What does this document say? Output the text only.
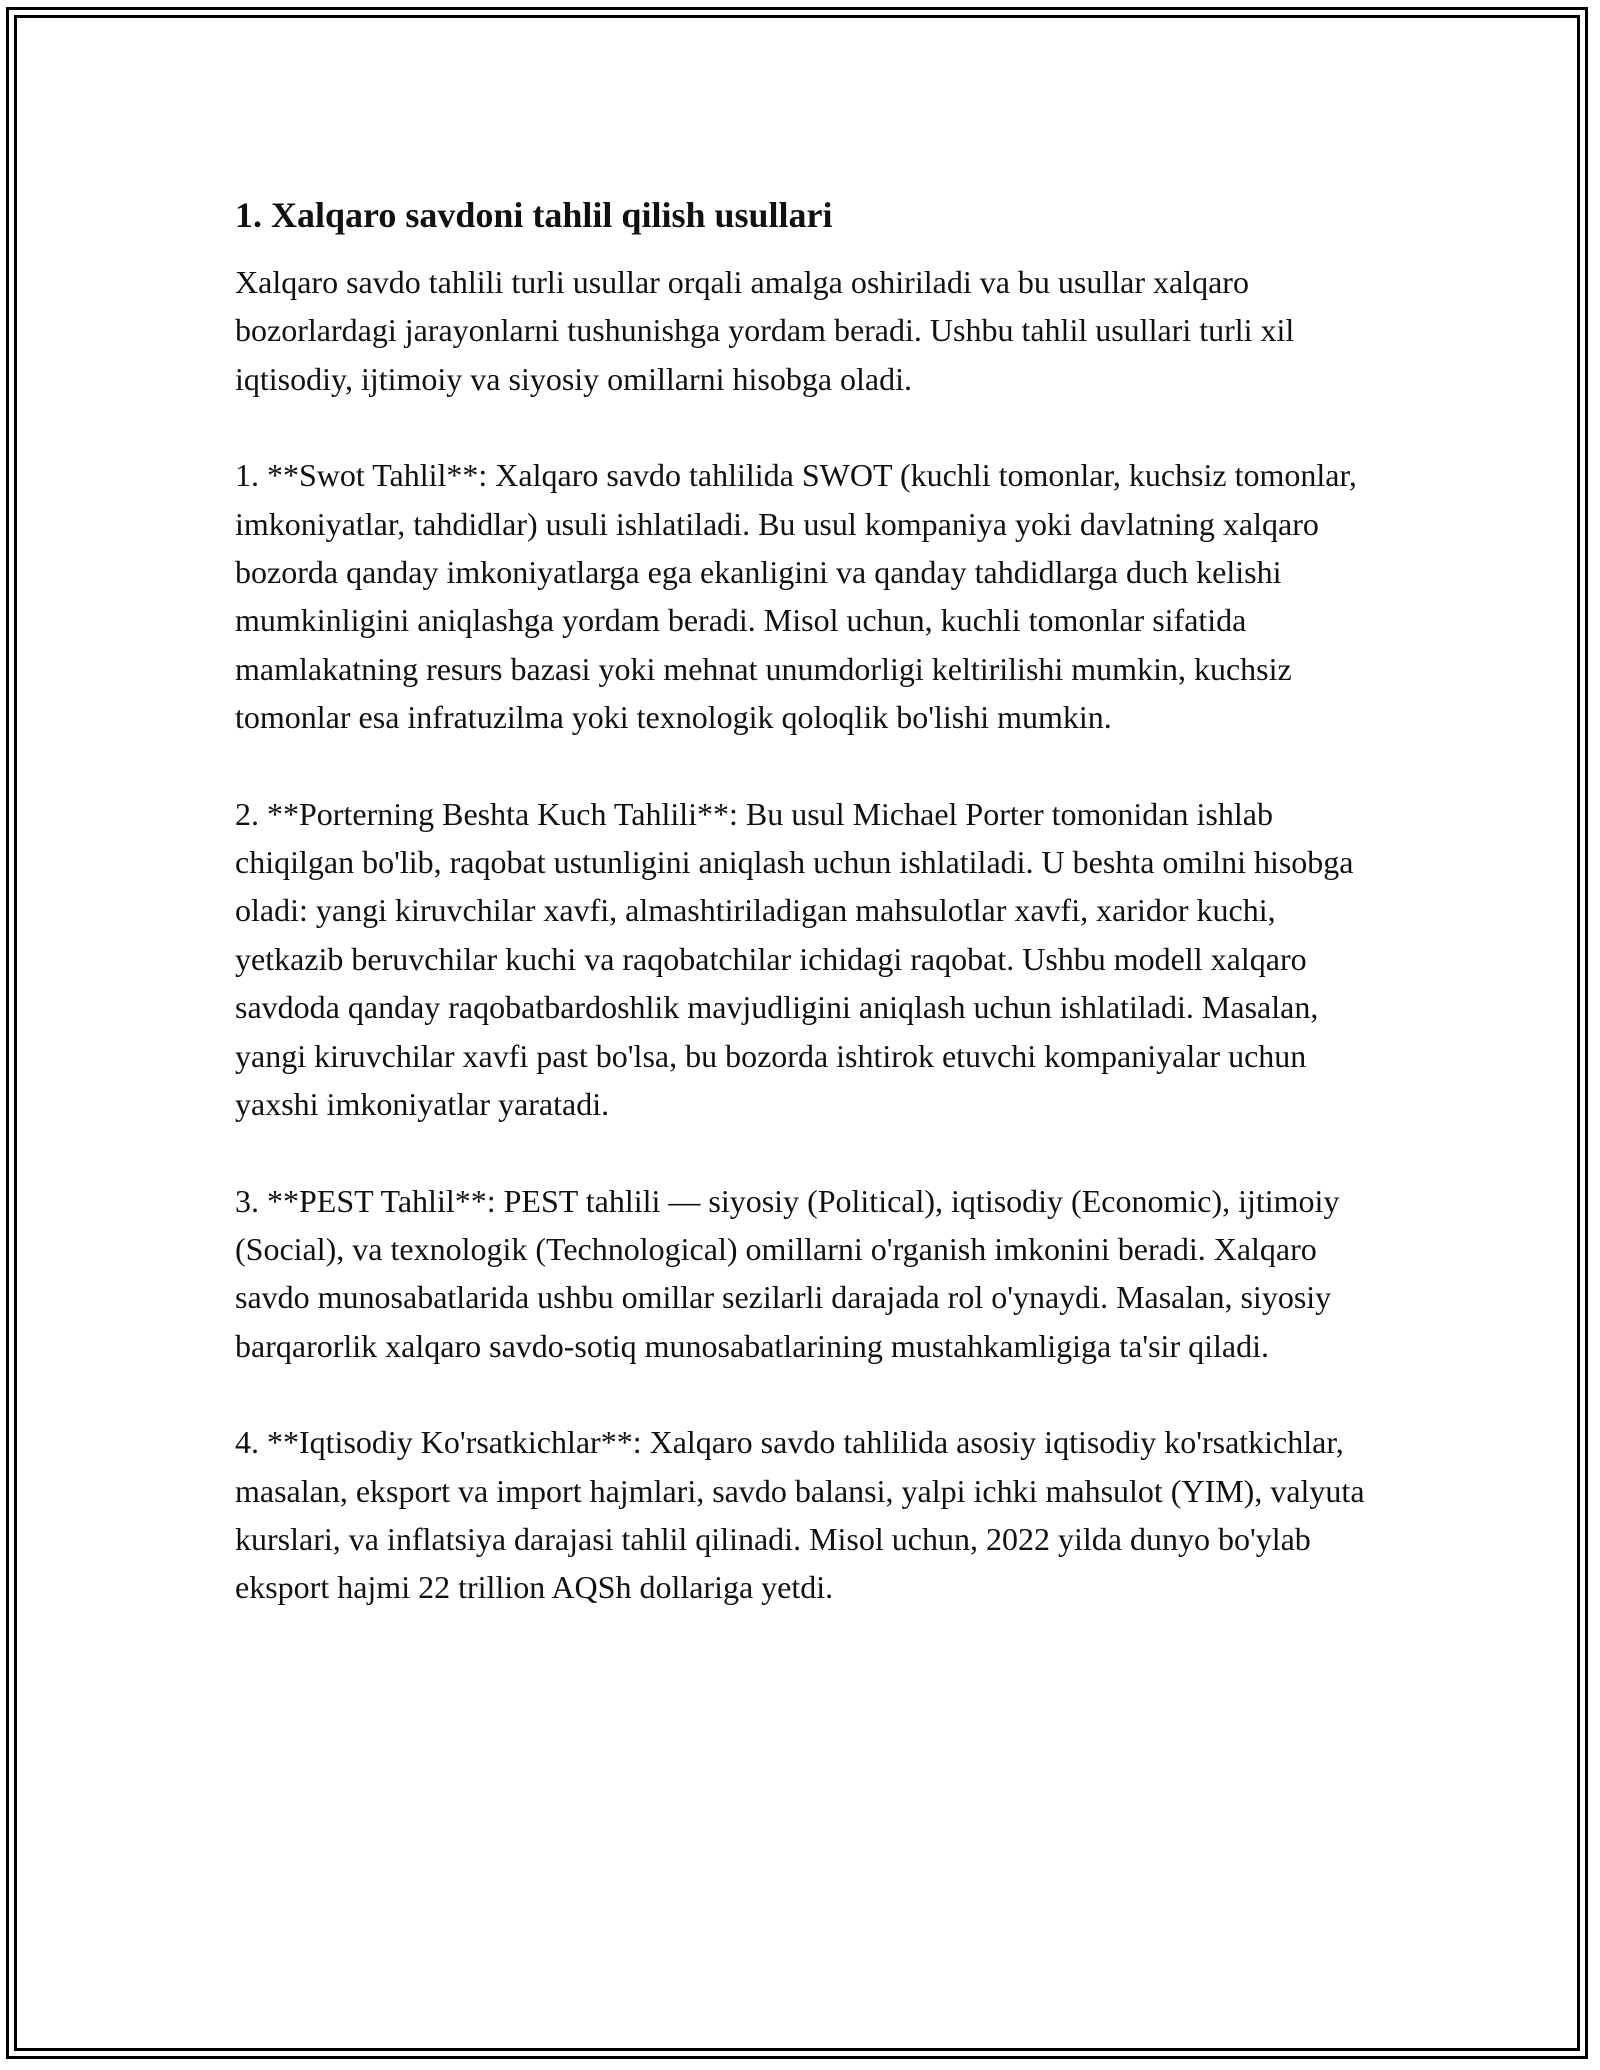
1. Xalqaro savdoni tahlil qilish usullari

Xalqaro savdo tahlili turli usullar orqali amalga oshiriladi va bu usullar xalqaro bozorlardagi jarayonlarni tushunishga yordam beradi. Ushbu tahlil usullari turli xil iqtisodiy, ijtimoiy va siyosiy omillarni hisobga oladi.

1. **Swot Tahlil**: Xalqaro savdo tahlilida SWOT (kuchli tomonlar, kuchsiz tomonlar, imkoniyatlar, tahdidlar) usuli ishlatiladi. Bu usul kompaniya yoki davlatning xalqaro bozorda qanday imkoniyatlarga ega ekanligini va qanday tahdidlarga duch kelishi mumkinligini aniqlashga yordam beradi. Misol uchun, kuchli tomonlar sifatida mamlakatning resurs bazasi yoki mehnat unumdorligi keltirilishi mumkin, kuchsiz tomonlar esa infratuzilma yoki texnologik qoloqlik bo'lishi mumkin.

2. **Porterning Beshta Kuch Tahlili**: Bu usul Michael Porter tomonidan ishlab chiqilgan bo'lib, raqobat ustunligini aniqlash uchun ishlatiladi. U beshta omilni hisobga oladi: yangi kiruvchilar xavfi, almashtiriladigan mahsulotlar xavfi, xaridor kuchi, yetkazib beruvchilar kuchi va raqobatchilar ichidagi raqobat. Ushbu modell xalqaro savdoda qanday raqobatbardoshlik mavjudligini aniqlash uchun ishlatiladi. Masalan, yangi kiruvchilar xavfi past bo'lsa, bu bozorda ishtirok etuvchi kompaniyalar uchun yaxshi imkoniyatlar yaratadi.

3. **PEST Tahlil**: PEST tahlili — siyosiy (Political), iqtisodiy (Economic), ijtimoiy (Social), va texnologik (Technological) omillarni o'rganish imkonini beradi. Xalqaro savdo munosabatlarida ushbu omillar sezilarli darajada rol o'ynaydi. Masalan, siyosiy barqarorlik xalqaro savdo-sotiq munosabatlarining mustahkamligiga ta'sir qiladi.

4. **Iqtisodiy Ko'rsatkichlar**: Xalqaro savdo tahlilida asosiy iqtisodiy ko'rsatkichlar, masalan, eksport va import hajmlari, savdo balansi, yalpi ichki mahsulot (YIM), valyuta kurslari, va inflatsiya darajasi tahlil qilinadi. Misol uchun, 2022 yilda dunyo bo'ylab eksport hajmi 22 trillion AQSh dollariga yetdi.
